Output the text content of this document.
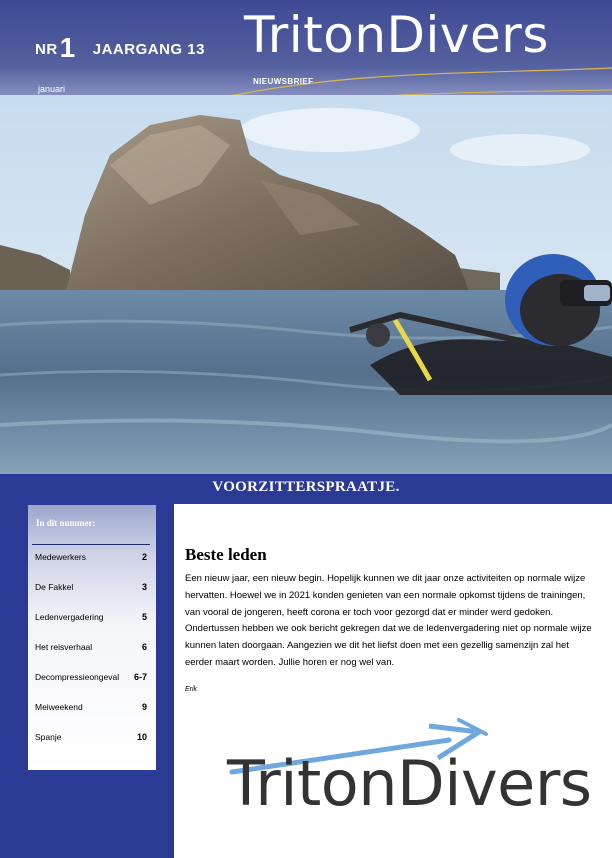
NR1 JAARGANG 13
januari
TritonDivers
NIEUWSBRIEF
VOORZITTERSPRAATJE.
In dit nummer:
Medewerkers	2
De Fakkel	3
Ledenvergadering	5
Het reisverhaal	6
Decompressieongeval 6-7
Meiweekend	9
Spanje	10
Beste leden

Een nieuw jaar, een nieuw begin. Hopelijk kunnen we dit jaar onze activiteiten op normale wijze hervatten. Hoewel we in 2021 konden genieten van een normale opkomst tijdens de trainingen, van vooral de jongeren, heeft corona er toch voor gezorgd dat er minder werd gedoken.

Ondertussen hebben we ook bericht gekregen dat we de ledenvergadering niet op normale wijze kunnen laten doorgaan. Aangezien we dit het liefst doen met een gezellig samenzijn zal het eerder maart worden. Jullie horen er nog wel van.

Erik
TritonDivers
